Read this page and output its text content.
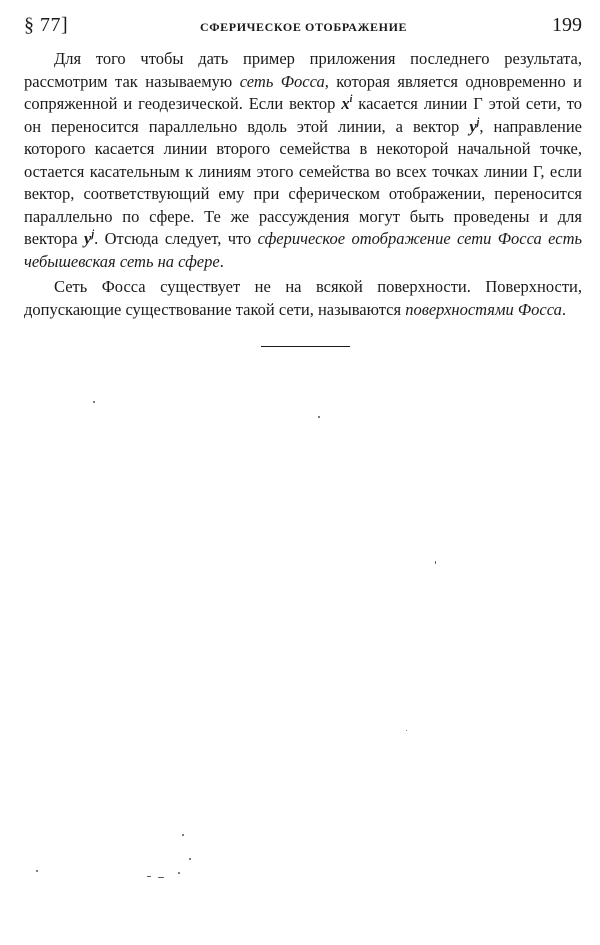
§ 77]	СФЕРИЧЕСКОЕ ОТОБРАЖЕНИЕ	199

Для того чтобы дать пример приложения последнего результата, рассмотрим так называемую сеть Фосса, которая является одновременно и сопряженной и геодезической. Если вектор $x^i$ касается линии Γ этой сети, то он переносится параллельно вдоль этой линии, а вектор $y^j$, направление которого касается линии второго семейства в некоторой начальной точке, остается касательным к линиям этого семейства во всех точках линии Γ, если вектор, соответствующий ему при сферическом отображении, переносится параллельно по сфере. Те же рассуждения могут быть проведены и для вектора $y^j$. Отсюда следует, что сферическое отображение сети Фосса есть чебышевская сеть на сфере.

Сеть Фосса существует не на всякой поверхности. Поверхности, допускающие существование такой сети, называются поверхностями Фосса.
